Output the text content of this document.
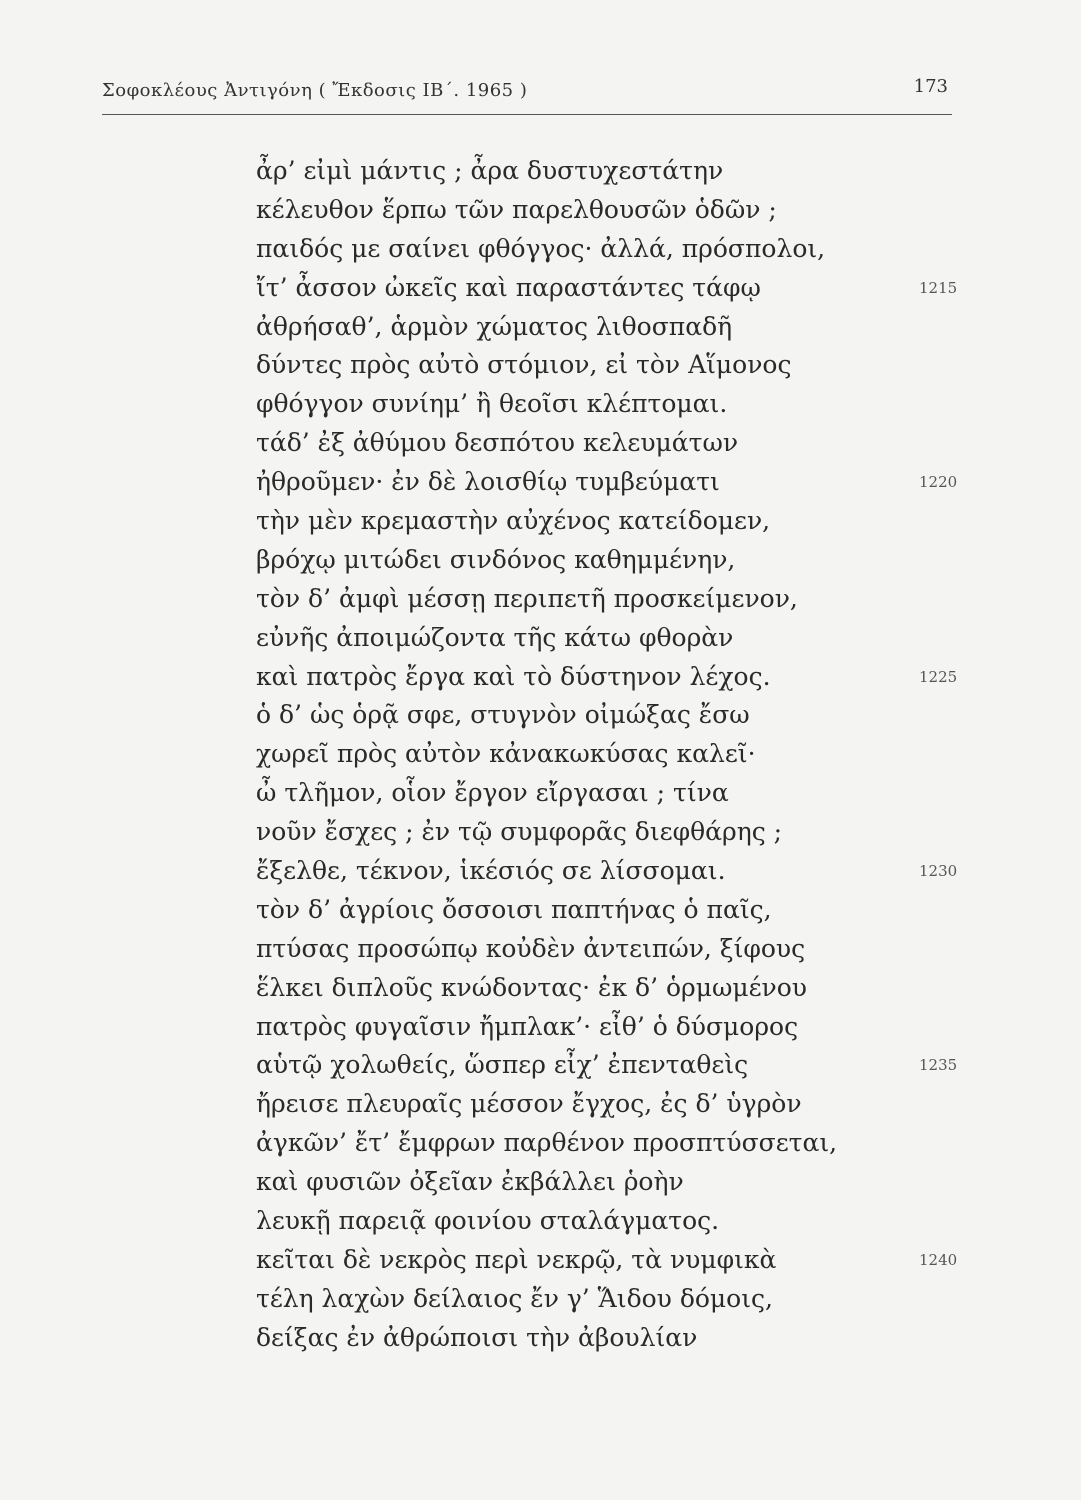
Σοφοκλέους Ἀντιγόνη ( Ἔκδοσις ΙΒ΄. 1965 )	173
ἆρ’ εἰμὶ μάντις ; ἆρα δυστυχεστάτην
κέλευθον ἕρπω τῶν παρελθουσῶν ὁδῶν ;
παιδός με σαίνει φθόγγος· ἀλλά, πρόσπολοι,
ἴτ’ ἆσσον ὠκεῖς καὶ παραστάντες τάφῳ	1215
ἀθρήσαθ’, ἁρμὸν χώματος λιθοσπαδῆ
δύντες πρὸς αὐτὸ στόμιον, εἰ τὸν Αἵμονος
φθόγγον συνίημ’ ἢ θεοῖσι κλέπτομαι.
τάδ’ ἐξ ἀθύμου δεσπότου κελευμάτων
ἠθροῦμεν· ἐν δὲ λοισθίῳ τυμβεύματι	1220
τὴν μὲν κρεμαστὴν αὐχένος κατείδομεν,
βρόχῳ μιτώδει σινδόνος καθημμένην,
τὸν δ’ ἀμφὶ μέσσῃ περιπετῆ προσκείμενον,
εὐνῆς ἀποιμώζοντα τῆς κάτω φθορὰν
καὶ πατρὸς ἔργα καὶ τὸ δύστηνον λέχος.	1225
ὁ δ’ ὡς ὁρᾷ σφε, στυγνὸν οἰμώξας ἔσω
χωρεῖ πρὸς αὐτὸν κἀνακωκύσας καλεῖ·
ὦ τλῆμον, οἷον ἔργον εἴργασαι ; τίνα
νοῦν ἔσχες ; ἐν τῷ συμφορᾶς διεφθάρης ;
ἔξελθε, τέκνον, ἱκέσιός σε λίσσομαι.	1230
τὸν δ’ ἀγρίοις ὄσσοισι παπτήνας ὁ παῖς,
πτύσας προσώπῳ κοὐδὲν ἀντειπών, ξίφους
ἕλκει διπλοῦς κνώδοντας· ἐκ δ’ ὁρμωμένου
πατρὸς φυγαῖσιν ἤμπλακ’· εἶθ’ ὁ δύσμορος
αὑτῷ χολωθείς, ὥσπερ εἶχ’ ἐπενταθεὶς	1235
ἤρεισε πλευραῖς μέσσον ἔγχος, ἐς δ’ ὑγρὸν
ἀγκῶν’ ἔτ’ ἔμφρων παρθένον προσπτύσσεται,
καὶ φυσιῶν ὀξεῖαν ἐκβάλλει ῥοὴν
λευκῇ παρειᾷ φοινίου σταλάγματος.
κεῖται δὲ νεκρὸς περὶ νεκρῷ, τὰ νυμφικὰ	1240
τέλη λαχὼν δείλαιος ἔν γ’ Ἅιδου δόμοις,
δείξας ἐν ἀθρώποισι τὴν ἀβουλίαν
